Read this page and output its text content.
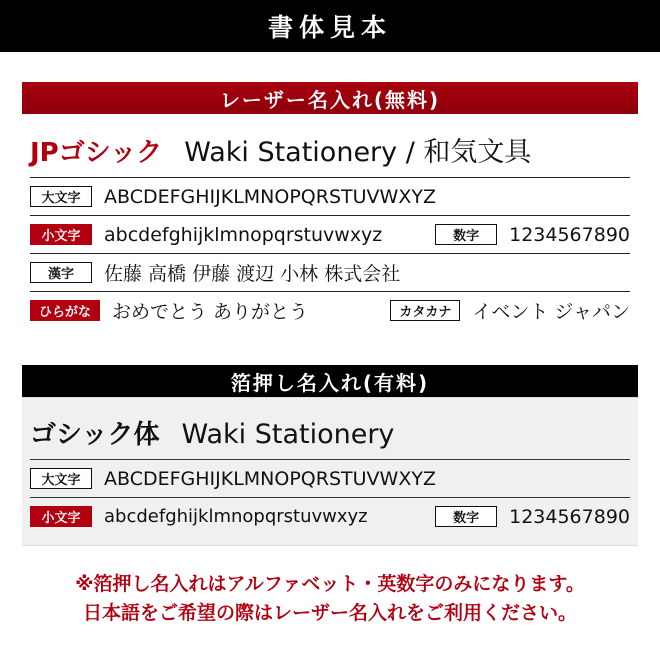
書体見本
レーザー名入れ(無料)
JPゴシック Waki Stationery / 和気文具
大文字	ABCDEFGHIJKLMNOPQRSTUVWXYZ
小文字	abcdefghijklmnopqrstuvwxyz	数字	1234567890
漢字	佐藤 高橋 伊藤 渡辺 小林 株式会社
ひらがな	おめでとう ありがとう	カタカナ	イベント ジャパン
箔押し名入れ(有料)
ゴシック体 Waki Stationery
大文字	ABCDEFGHIJKLMNOPQRSTUVWXYZ
小文字	abcdefghijklmnopqrstuvwxyz	数字	1234567890
※箔押し名入れはアルファベット・英数字のみになります。
日本語をご希望の際はレーザー名入れをご利用ください。
